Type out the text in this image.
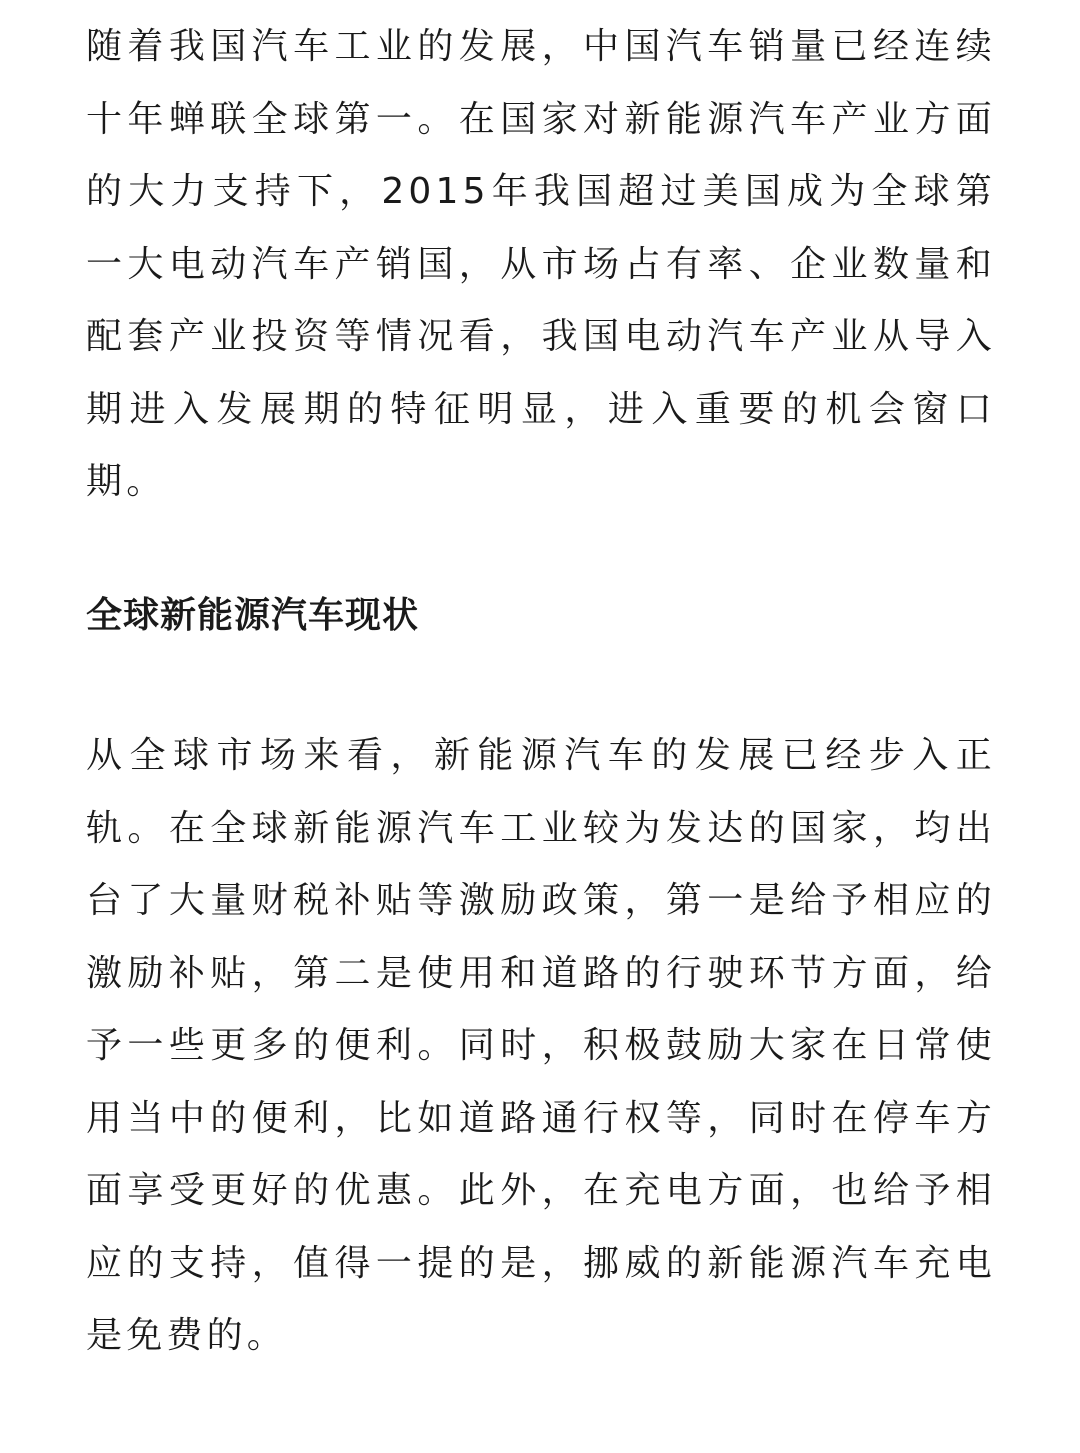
随着我国汽车工业的发展，中国汽车销量已经连续十年蝉联全球第一。在国家对新能源汽车产业方面的大力支持下，2015年我国超过美国成为全球第一大电动汽车产销国，从市场占有率、企业数量和配套产业投资等情况看，我国电动汽车产业从导入期进入发展期的特征明显，进入重要的机会窗口期。

全球新能源汽车现状

从全球市场来看，新能源汽车的发展已经步入正轨。在全球新能源汽车工业较为发达的国家，均出台了大量财税补贴等激励政策，第一是给予相应的激励补贴，第二是使用和道路的行驶环节方面，给予一些更多的便利。同时，积极鼓励大家在日常使用当中的便利，比如道路通行权等，同时在停车方面享受更好的优惠。此外，在充电方面，也给予相应的支持，值得一提的是，挪威的新能源汽车充电是免费的。
